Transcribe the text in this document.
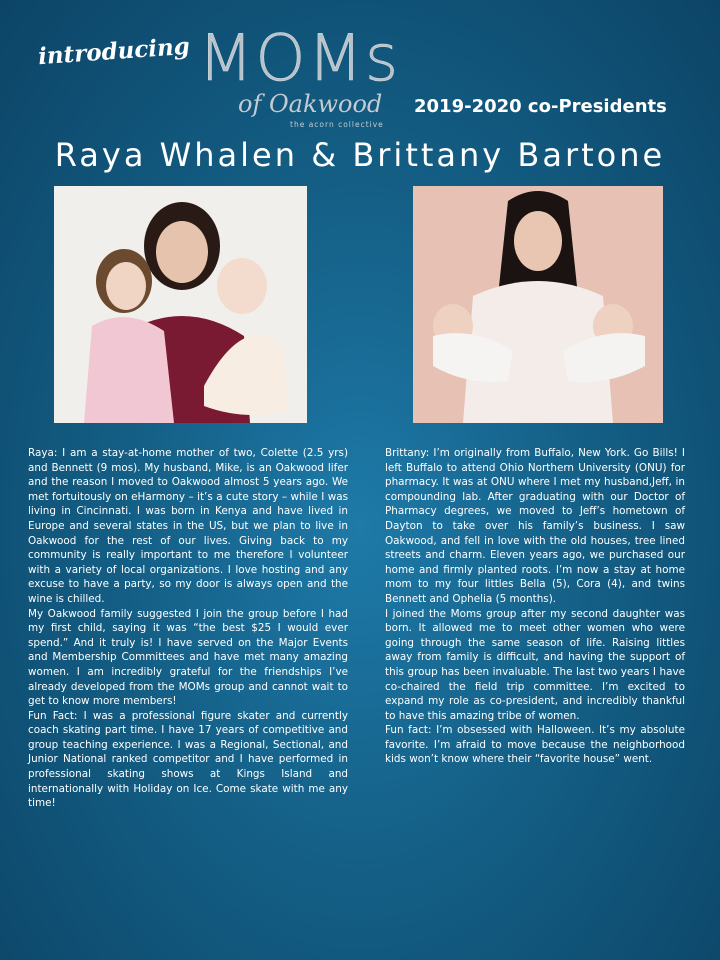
introducing MOMs
of Oakwood
the acorn collective
2019-2020 co-Presidents
Raya Whalen & Brittany Bartone

Raya: I am a stay-at-home mother of two, Colette (2.5 yrs) and Bennett (9 mos). My husband, Mike, is an Oakwood lifer and the reason I moved to Oakwood almost 5 years ago. We met fortuitously on eHarmony – it’s a cute story – while I was living in Cincinnati. I was born in Kenya and have lived in Europe and several states in the US, but we plan to live in Oakwood for the rest of our lives. Giving back to my community is really important to me therefore I volunteer with a variety of local organizations. I love hosting and any excuse to have a party, so my door is always open and the wine is chilled.

My Oakwood family suggested I join the group before I had my first child, saying it was “the best $25 I would ever spend.” And it truly is! I have served on the Major Events and Membership Committees and have met many amazing women. I am incredibly grateful for the friendships I’ve already developed from the MOMs group and cannot wait to get to know more members!

Fun Fact: I was a professional figure skater and currently coach skating part time. I have 17 years of competitive and group teaching experience. I was a Regional, Sectional, and Junior National ranked competitor and I have performed in professional skating shows at Kings Island and internationally with Holiday on Ice. Come skate with me any time!

Brittany: I’m originally from Buffalo, New York. Go Bills! I left Buffalo to attend Ohio Northern University (ONU) for pharmacy. It was at ONU where I met my husband,Jeff, in compounding lab. After graduating with our Doctor of Pharmacy degrees, we moved to Jeff’s hometown of Dayton to take over his family’s business. I saw Oakwood, and fell in love with the old houses, tree lined streets and charm. Eleven years ago, we purchased our home and firmly planted roots. I’m now a stay at home mom to my four littles Bella (5), Cora (4), and twins Bennett and Ophelia (5 months).

I joined the Moms group after my second daughter was born. It allowed me to meet other women who were going through the same season of life. Raising littles away from family is difficult, and having the support of this group has been invaluable. The last two years I have co-chaired the field trip committee. I’m excited to expand my role as co-president, and incredibly thankful to have this amazing tribe of women.

Fun fact: I’m obsessed with Halloween. It’s my absolute favorite. I’m afraid to move because the neighborhood kids won’t know where their “favorite house” went.
